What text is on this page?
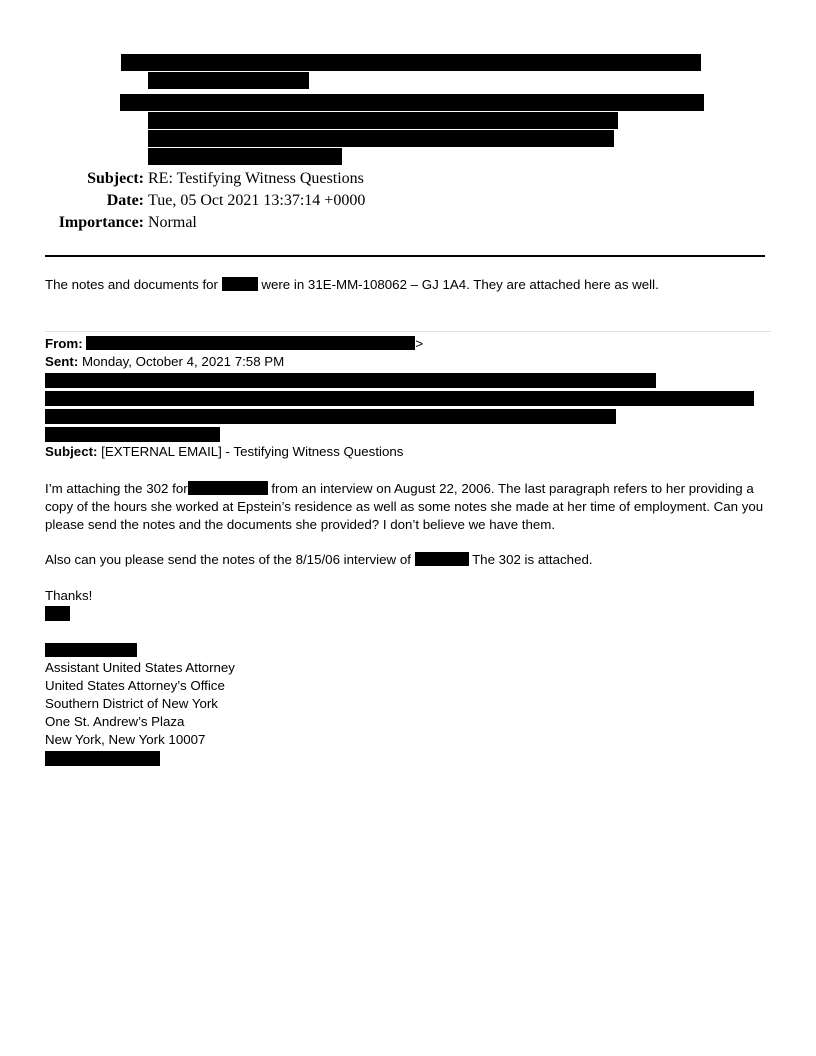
Subject: RE: Testifying Witness Questions
Date: Tue, 05 Oct 2021 13:37:14 +0000
Importance: Normal
The notes and documents for	were in 31E-MM-108062 – GJ 1A4. They are attached here as well.
From:	>
Sent: Monday, October 4, 2021 7:58 PM
Subject: [EXTERNAL EMAIL] - Testifying Witness Questions
I’m attaching the 302 for	from an interview on August 22, 2006. The last paragraph refers to her providing a copy of the hours she worked at Epstein’s residence as well as some notes she made at her time of employment. Can you please send the notes and the documents she provided? I don’t believe we have them.
Also can you please send the notes of the 8/15/06 interview of	The 302 is attached.
Thanks!
Assistant United States Attorney
United States Attorney’s Office
Southern District of New York
One St. Andrew’s Plaza
New York, New York 10007
